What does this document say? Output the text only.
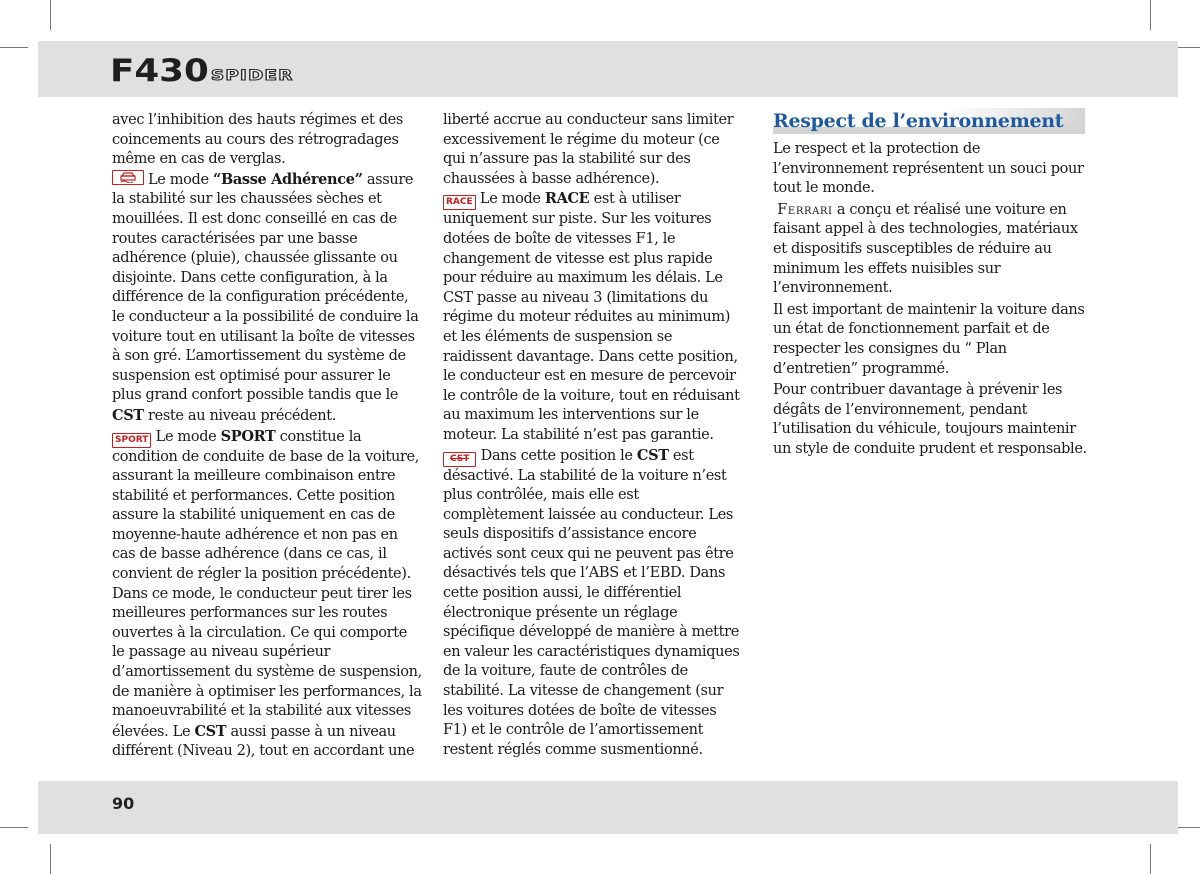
F430 SPIDER

avec l’inhibition des hauts régimes et des coincements au cours des rétrogradages même en cas de verglas.

Le mode “Basse Adhérence” assure la stabilité sur les chaussées sèches et mouillées. Il est donc conseillé en cas de routes caractérisées par une basse adhérence (pluie), chaussée glissante ou disjointe. Dans cette configuration, à la différence de la configuration précédente, le conducteur a la possibilité de conduire la voiture tout en utilisant la boîte de vitesses à son gré. L’amortissement du système de suspension est optimisé pour assurer le plus grand confort possible tandis que le CST reste au niveau précédent.

SPORT Le mode SPORT constitue la condition de conduite de base de la voiture, assurant la meilleure combinaison entre stabilité et performances. Cette position assure la stabilité uniquement en cas de moyenne-haute adhérence et non pas en cas de basse adhérence (dans ce cas, il convient de régler la position précédente). Dans ce mode, le conducteur peut tirer les meilleures performances sur les routes ouvertes à la circulation. Ce qui comporte le passage au niveau supérieur d’amortissement du système de suspension, de manière à optimiser les performances, la manoeuvrabilité et la stabilité aux vitesses élevées. Le CST aussi passe à un niveau différent (Niveau 2), tout en accordant une

liberté accrue au conducteur sans limiter excessivement le régime du moteur (ce qui n’assure pas la stabilité sur des chaussées à basse adhérence).

RACE Le mode RACE est à utiliser uniquement sur piste. Sur les voitures dotées de boîte de vitesses F1, le changement de vitesse est plus rapide pour réduire au maximum les délais. Le CST passe au niveau 3 (limitations du régime du moteur réduites au minimum) et les éléments de suspension se raidissent davantage. Dans cette position, le conducteur est en mesure de percevoir le contrôle de la voiture, tout en réduisant au maximum les interventions sur le moteur. La stabilité n’est pas garantie.

CST Dans cette position le CST est désactivé. La stabilité de la voiture n’est plus contrôlée, mais elle est complètement laissée au conducteur. Les seuls dispositifs d’assistance encore activés sont ceux qui ne peuvent pas être désactivés tels que l’ABS et l’EBD. Dans cette position aussi, le différentiel électronique présente un réglage spécifique développé de manière à mettre en valeur les caractéristiques dynamiques de la voiture, faute de contrôles de stabilité. La vitesse de changement (sur les voitures dotées de boîte de vitesses F1) et le contrôle de l’amortissement restent réglés comme susmentionné.

Respect de l’environnement

Le respect et la protection de l’environnement représentent un souci pour tout le monde.

Ferrari a conçu et réalisé une voiture en faisant appel à des technologies, matériaux et dispositifs susceptibles de réduire au minimum les effets nuisibles sur l’environnement.

Il est important de maintenir la voiture dans un état de fonctionnement parfait et de respecter les consignes du “ Plan d’entretien” programmé.

Pour contribuer davantage à prévenir les dégâts de l’environnement, pendant l’utilisation du véhicule, toujours maintenir un style de conduite prudent et responsable.

90
